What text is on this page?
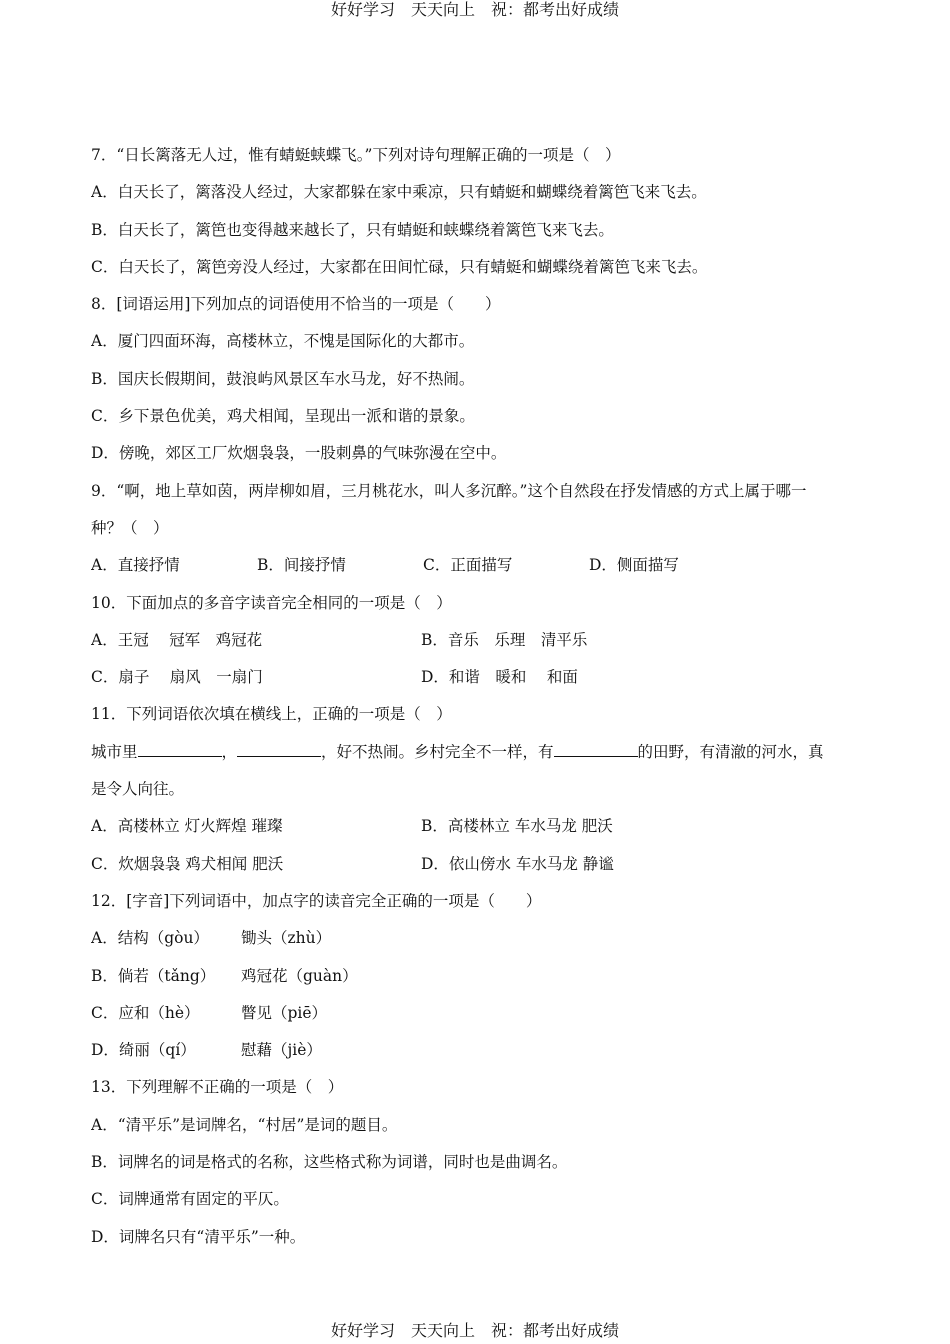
好好学习　天天向上　祝：都考出好成绩
7．“日长篱落无人过，惟有蜻蜓蛱蝶飞。”下列对诗句理解正确的一项是（　）
A．白天长了，篱落没人经过，大家都躲在家中乘凉，只有蜻蜓和蝴蝶绕着篱笆飞来飞去。
B．白天长了，篱笆也变得越来越长了，只有蜻蜓和蛱蝶绕着篱笆飞来飞去。
C．白天长了，篱笆旁没人经过，大家都在田间忙碌，只有蜻蜓和蝴蝶绕着篱笆飞来飞去。
8．[词语运用]下列加点的词语使用不恰当的一项是（　　）
A．厦门四面环海，高楼林立，不愧是国际化的大都市。
B．国庆长假期间，鼓浪屿风景区车水马龙，好不热闹。
C．乡下景色优美，鸡犬相闻，呈现出一派和谐的景象。
D．傍晚，郊区工厂炊烟袅袅，一股刺鼻的气味弥漫在空中。
9．“啊，地上草如茵，两岸柳如眉，三月桃花水，叫人多沉醉。”这个自然段在抒发情感的方式上属于哪一
种？（　）
A．直接抒情	B．间接抒情	C．正面描写	D．侧面描写
10．下面加点的多音字读音完全相同的一项是（　）
A．王冠　 冠军　鸡冠花	B．音乐　乐理　清平乐
C．扇子　 扇风　一扇门	D．和谐　暖和　 和面
11．下列词语依次填在横线上，正确的一项是（　）
城市里	，	，好不热闹。乡村完全不一样，有	的田野，有清澈的河水，真
是令人向往。
A．高楼林立 灯火辉煌 璀璨	B．高楼林立 车水马龙 肥沃
C．炊烟袅袅 鸡犬相闻 肥沃	D．依山傍水 车水马龙 静谧
12．[字音]下列词语中，加点字的读音完全正确的一项是（　　）
A．结构（gòu）	锄头（zhù）
B．倘若（tǎng）	鸡冠花（guàn）
C．应和（hè）	瞥见（piē）
D．绮丽（qí）	慰藉（jiè）
13．下列理解不正确的一项是（　）
A．“清平乐”是词牌名，“村居”是词的题目。
B．词牌名的词是格式的名称，这些格式称为词谱，同时也是曲调名。
C．词牌通常有固定的平仄。
D．词牌名只有“清平乐”一种。
好好学习　天天向上　祝：都考出好成绩
